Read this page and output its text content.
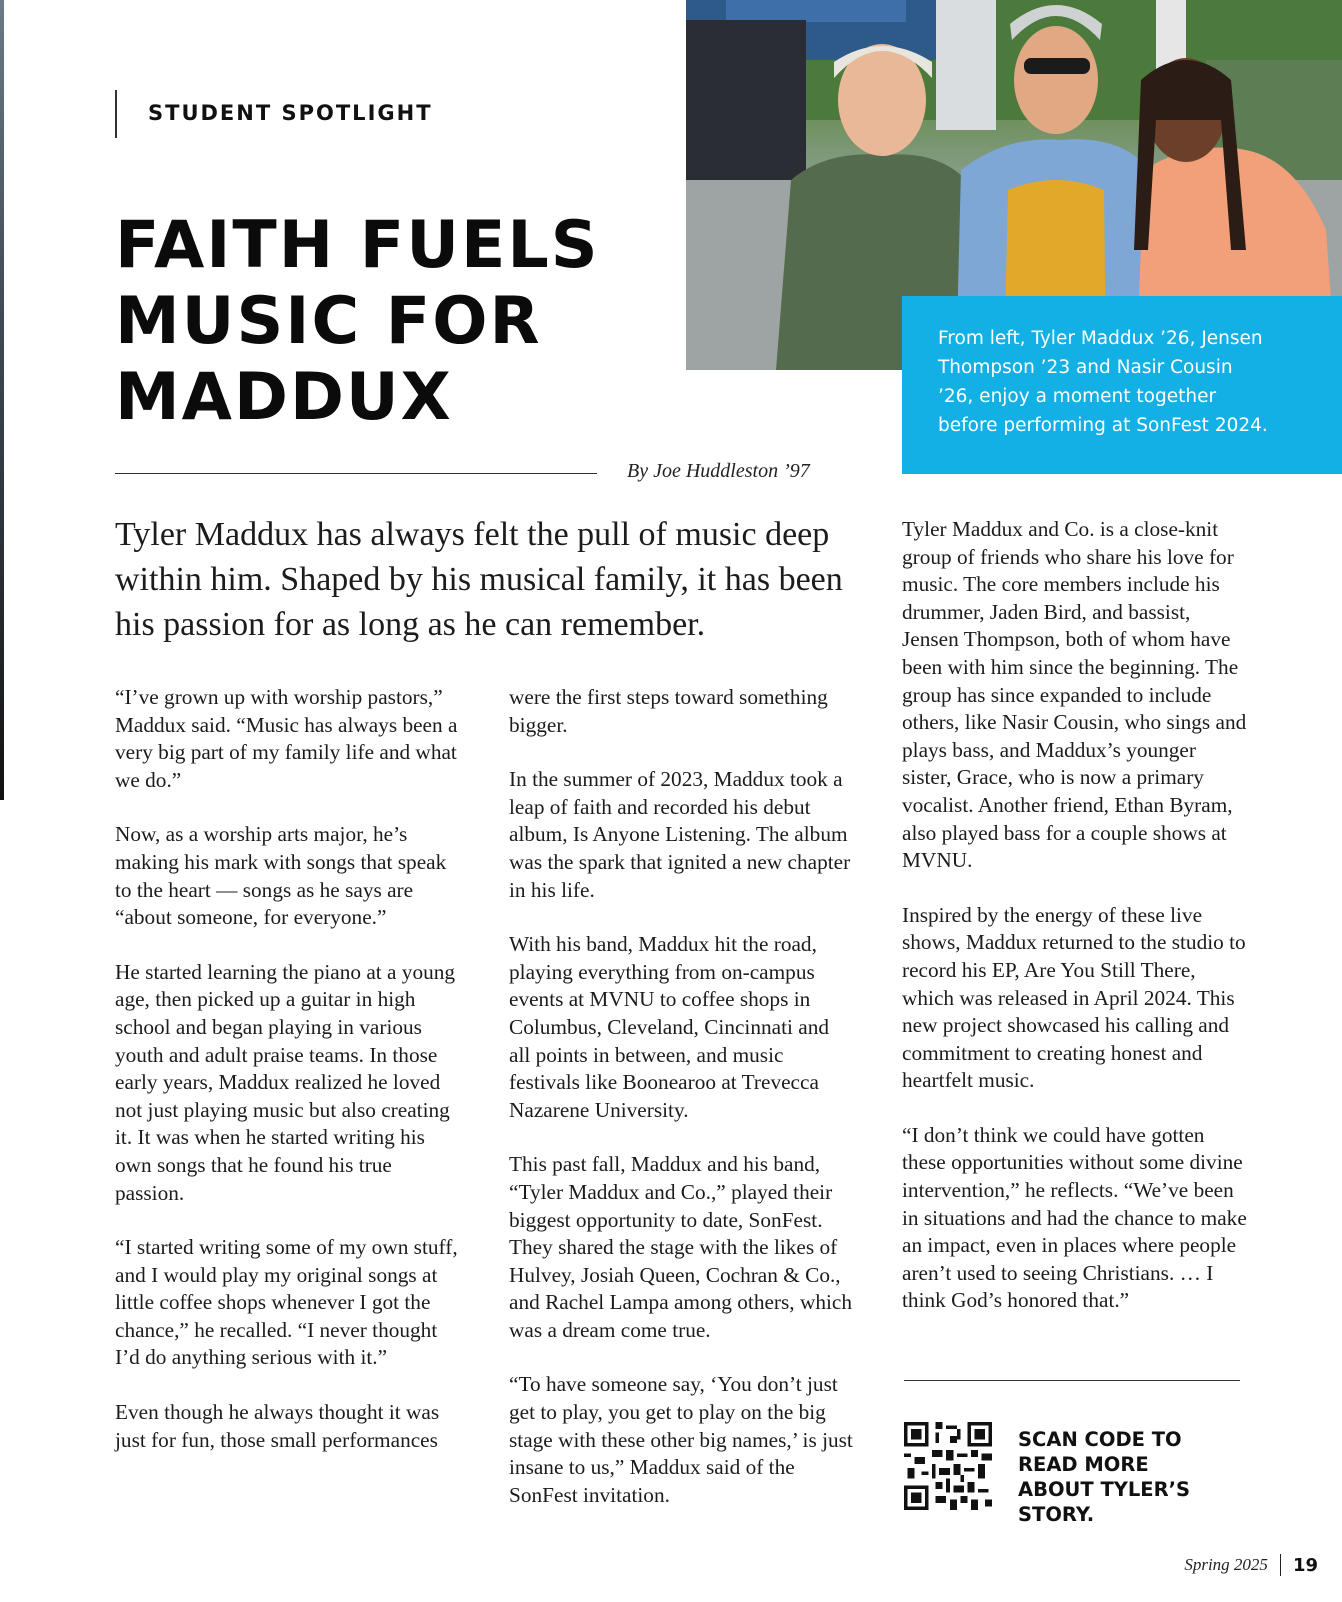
STUDENT SPOTLIGHT
FAITH FUELS
MUSIC FOR
MADDUX
From left, Tyler Maddux ’26, Jensen Thompson ’23 and Nasir Cousin ’26, enjoy a moment together before performing at SonFest 2024.
By Joe Huddleston ’97
Tyler Maddux has always felt the pull of music deep within him. Shaped by his musical family, it has been his passion for as long as he can remember.

“I’ve grown up with worship pastors,” Maddux said. “Music has always been a very big part of my family life and what we do.”

Now, as a worship arts major, he’s making his mark with songs that speak to the heart — songs as he says are “about someone, for everyone.”

He started learning the piano at a young age, then picked up a guitar in high school and began playing in various youth and adult praise teams. In those early years, Maddux realized he loved not just playing music but also creating it. It was when he started writing his own songs that he found his true passion.

“I started writing some of my own stuff, and I would play my original songs at little coffee shops whenever I got the chance,” he recalled. “I never thought I’d do anything serious with it.”

Even though he always thought it was just for fun, those small performances

were the first steps toward something bigger.

In the summer of 2023, Maddux took a leap of faith and recorded his debut album, Is Anyone Listening. The album was the spark that ignited a new chapter in his life.

With his band, Maddux hit the road, playing everything from on-campus events at MVNU to coffee shops in Columbus, Cleveland, Cincinnati and all points in between, and music festivals like Boonearoo at Trevecca Nazarene University.

This past fall, Maddux and his band, “Tyler Maddux and Co.,” played their biggest opportunity to date, SonFest. They shared the stage with the likes of Hulvey, Josiah Queen, Cochran & Co., and Rachel Lampa among others, which was a dream come true.

“To have someone say, ‘You don’t just get to play, you get to play on the big stage with these other big names,’ is just insane to us,” Maddux said of the SonFest invitation.

Tyler Maddux and Co. is a close-knit group of friends who share his love for music. The core members include his drummer, Jaden Bird, and bassist, Jensen Thompson, both of whom have been with him since the beginning. The group has since expanded to include others, like Nasir Cousin, who sings and plays bass, and Maddux’s younger sister, Grace, who is now a primary vocalist. Another friend, Ethan Byram, also played bass for a couple shows at MVNU.

Inspired by the energy of these live shows, Maddux returned to the studio to record his EP, Are You Still There, which was released in April 2024. This new project showcased his calling and commitment to creating honest and heartfelt music.

“I don’t think we could have gotten these opportunities without some divine intervention,” he reflects. “We’ve been in situations and had the chance to make an impact, even in places where people aren’t used to seeing Christians. … I think God’s honored that.”

SCAN CODE TO READ MORE ABOUT TYLER’S STORY.
Spring 2025 19
